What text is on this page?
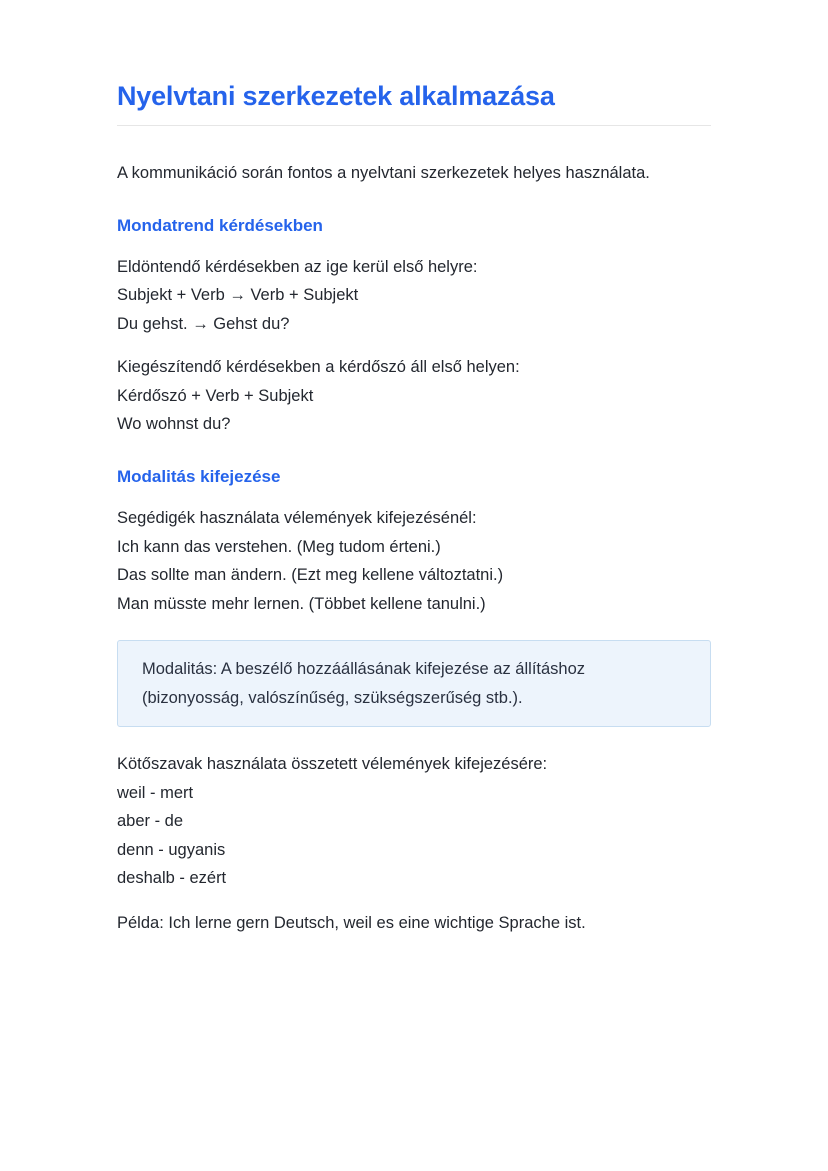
Nyelvtani szerkezetek alkalmazása

A kommunikáció során fontos a nyelvtani szerkezetek helyes használata.

Mondatrend kérdésekben
Eldöntendő kérdésekben az ige kerül első helyre:
Subjekt + Verb → Verb + Subjekt
Du gehst. → Gehst du?
Kiegészítendő kérdésekben a kérdőszó áll első helyen:
Kérdőszó + Verb + Subjekt
Wo wohnst du?
Modalitás kifejezése
Segédigék használata vélemények kifejezésénél:
Ich kann das verstehen. (Meg tudom érteni.)
Das sollte man ändern. (Ezt meg kellene változtatni.)
Man müsste mehr lernen. (Többet kellene tanulni.)
Modalitás: A beszélő hozzáállásának kifejezése az állításhoz (bizonyosság, valószínűség, szükségszerűség stb.).
Kötőszavak használata összetett vélemények kifejezésére:
weil - mert
aber - de
denn - ugyanis
deshalb - ezért

Példa: Ich lerne gern Deutsch, weil es eine wichtige Sprache ist.
